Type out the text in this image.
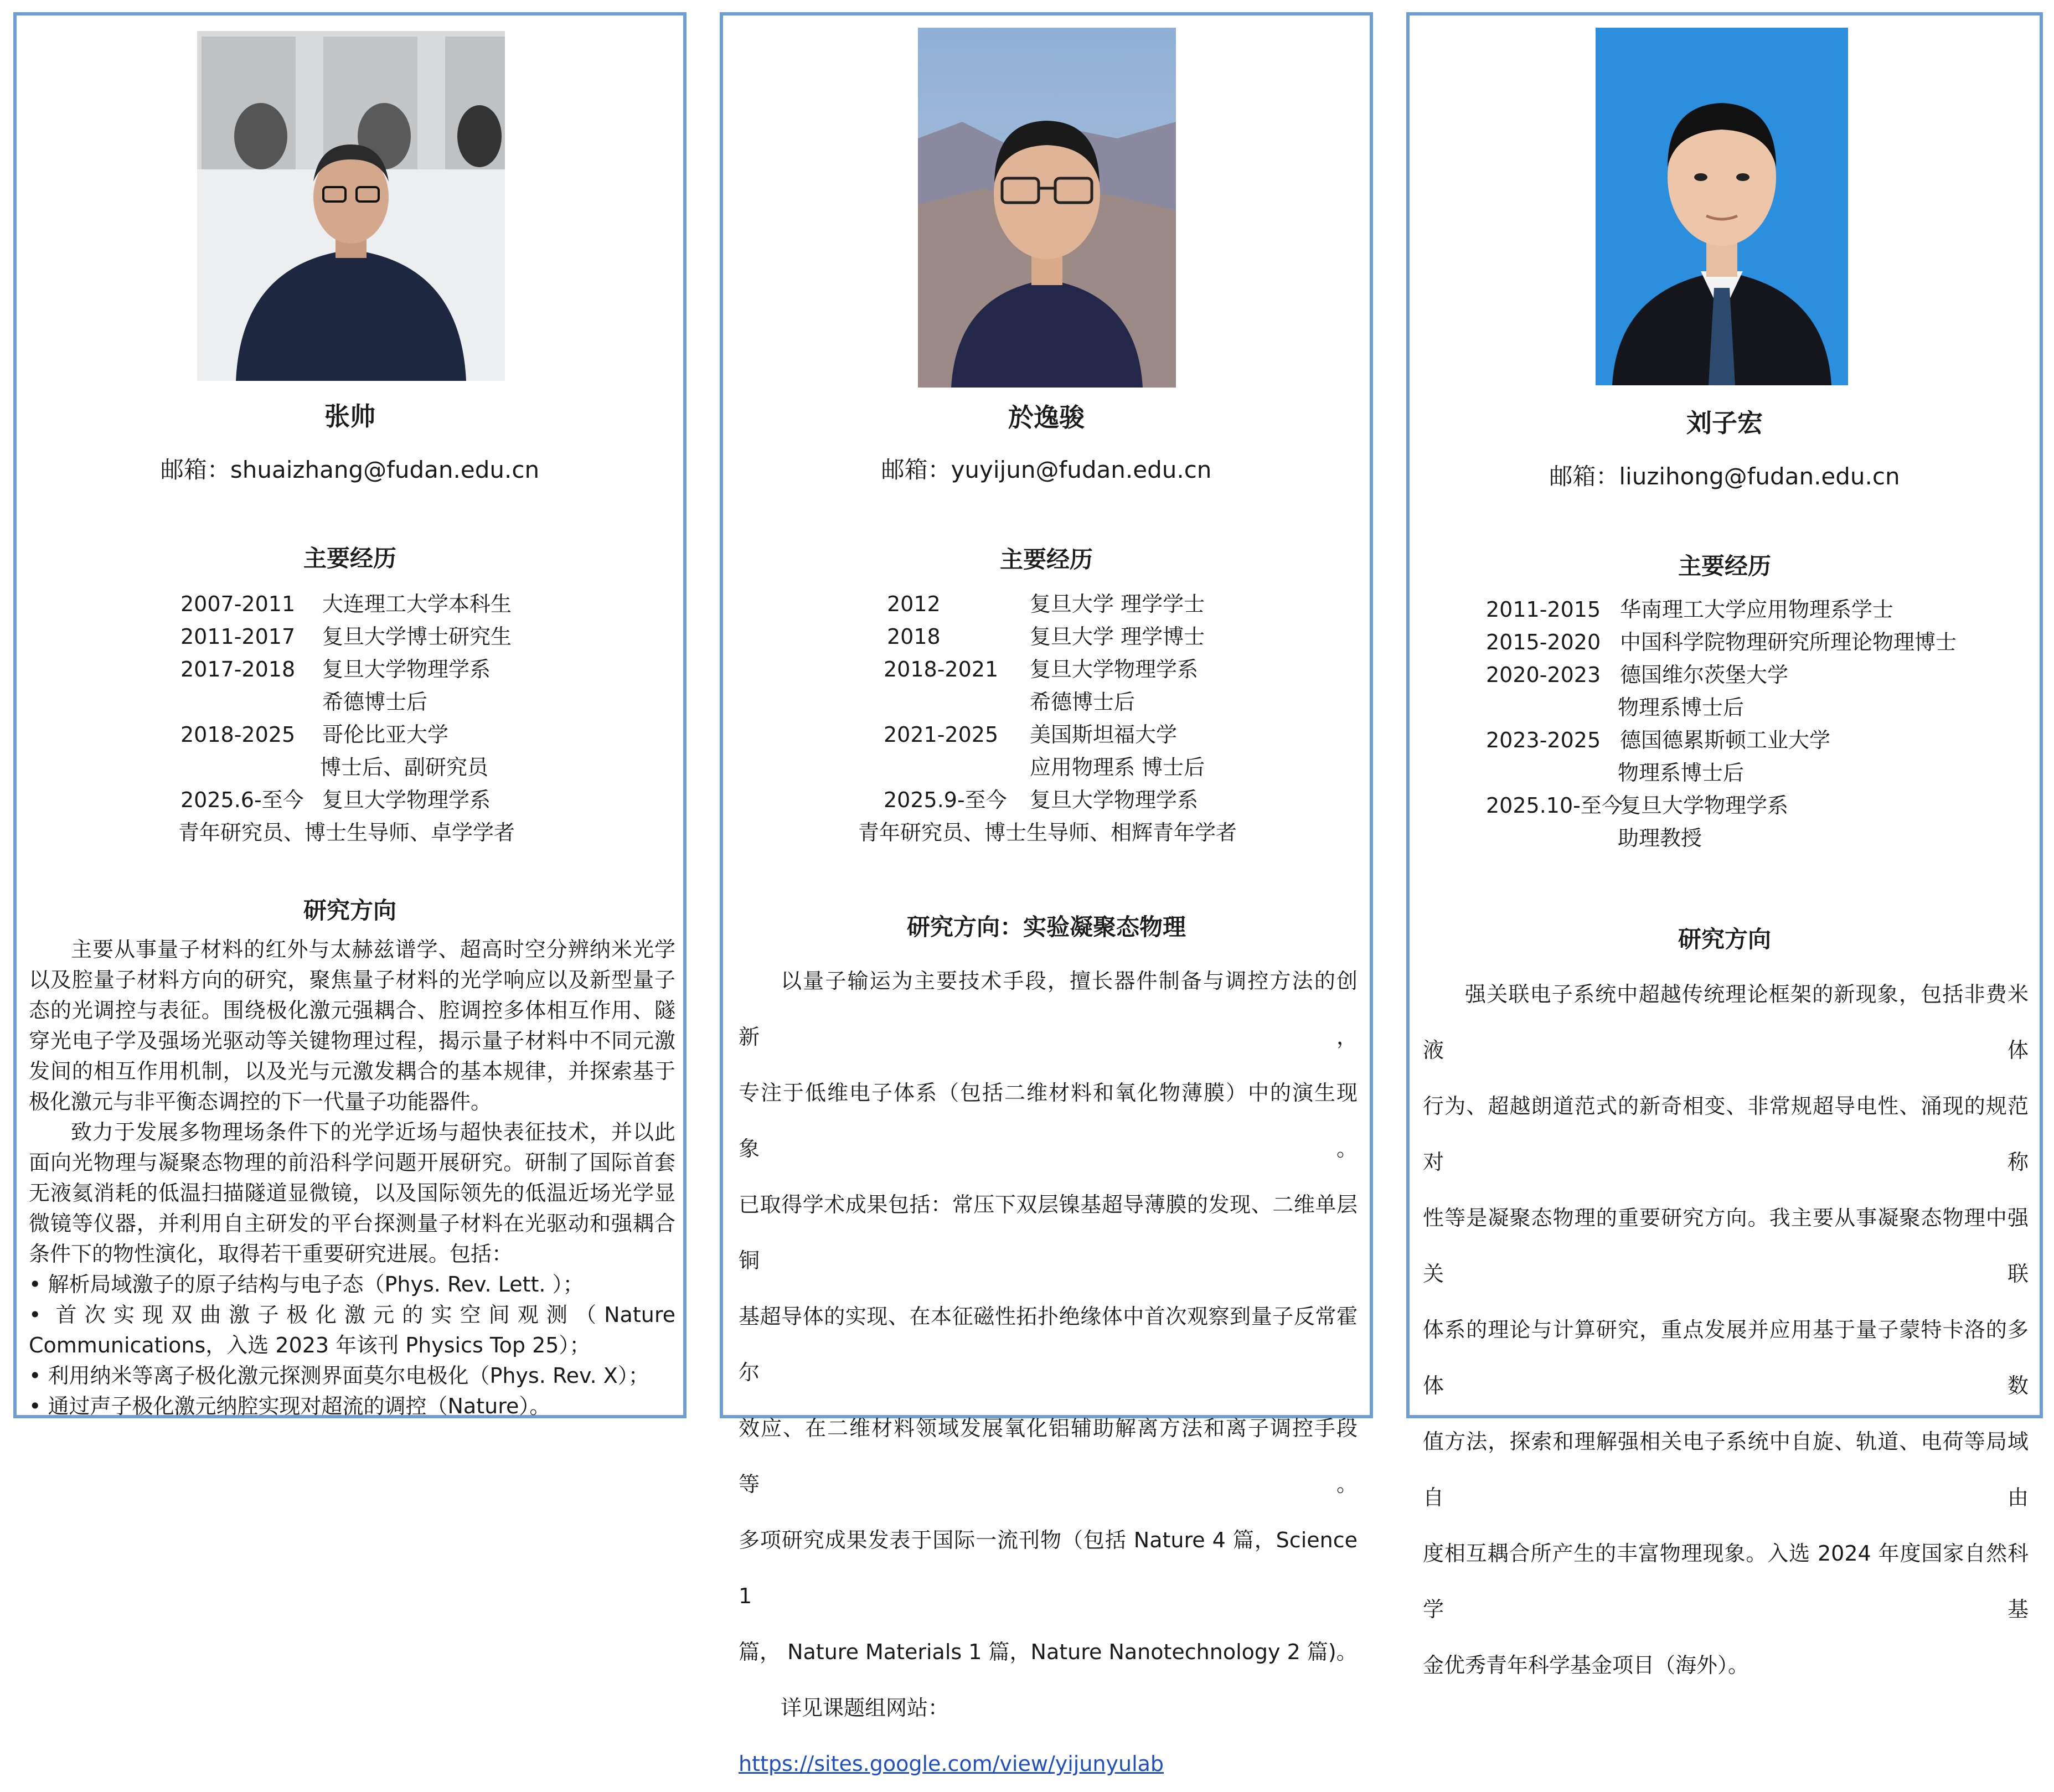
张帅
邮箱：shuaizhang@fudan.edu.cn
主要经历
2007-2011 大连理工大学本科生
2011-2017 复旦大学博士研究生
2017-2018 复旦大学物理学系
希德博士后
2018-2025 哥伦比亚大学
博士后、副研究员
2025.6-至今 复旦大学物理学系
青年研究员、博士生导师、卓学学者
研究方向
主要从事量子材料的红外与太赫兹谱学、超高时空分辨纳米光学
以及腔量子材料方向的研究，聚焦量子材料的光学响应以及新型量子
态的光调控与表征。围绕极化激元强耦合、腔调控多体相互作用、隧
穿光电子学及强场光驱动等关键物理过程，揭示量子材料中不同元激
发间的相互作用机制，以及光与元激发耦合的基本规律，并探索基于
极化激元与非平衡态调控的下一代量子功能器件。
致力于发展多物理场条件下的光学近场与超快表征技术，并以此
面向光物理与凝聚态物理的前沿科学问题开展研究。研制了国际首套
无液氦消耗的低温扫描隧道显微镜，以及国际领先的低温近场光学显
微镜等仪器，并利用自主研发的平台探测量子材料在光驱动和强耦合
条件下的物性演化，取得若干重要研究进展。包括：
• 解析局域激子的原子结构与电子态（Phys. Rev. Lett. ）；
• 首次实现双曲激子极化激元的实空间观测（Nature
Communications，入选 2023 年该刊 Physics Top 25）；
• 利用纳米等离子极化激元探测界面莫尔电极化（Phys. Rev. X）；
• 通过声子极化激元纳腔实现对超流的调控（Nature）。
於逸骏
邮箱：yuyijun@fudan.edu.cn
主要经历
2012	复旦大学 理学学士
2018	复旦大学 理学博士
2018-2021 复旦大学物理学系
希德博士后
2021-2025 美国斯坦福大学
应用物理系 博士后
2025.9-至今 复旦大学物理学系
青年研究员、博士生导师、相辉青年学者
研究方向：实验凝聚态物理
以量子输运为主要技术手段，擅长器件制备与调控方法的创新，
专注于低维电子体系（包括二维材料和氧化物薄膜）中的演生现象。
已取得学术成果包括：常压下双层镍基超导薄膜的发现、二维单层铜
基超导体的实现、在本征磁性拓扑绝缘体中首次观察到量子反常霍尔
效应、在二维材料领域发展氧化铝辅助解离方法和离子调控手段等。
多项研究成果发表于国际一流刊物（包括 Nature 4 篇，Science 1
篇， Nature Materials 1 篇，Nature Nanotechnology 2 篇)。
详见课题组网站： https://sites.google.com/view/yijunyulab
刘子宏
邮箱：liuzihong@fudan.edu.cn
主要经历
2011-2015 华南理工大学应用物理系学士
2015-2020 中国科学院物理研究所理论物理博士
2020-2023 德国维尔茨堡大学
物理系博士后
2023-2025 德国德累斯顿工业大学
物理系博士后
2025.10-至今
复旦大学物理学系
助理教授
研究方向
强关联电子系统中超越传统理论框架的新现象，包括非费米液体
行为、超越朗道范式的新奇相变、非常规超导电性、涌现的规范对称
性等是凝聚态物理的重要研究方向。我主要从事凝聚态物理中强关联
体系的理论与计算研究，重点发展并应用基于量子蒙特卡洛的多体数
值方法，探索和理解强相关电子系统中自旋、轨道、电荷等局域自由
度相互耦合所产生的丰富物理现象。入选 2024 年度国家自然科学基
金优秀青年科学基金项目（海外）。
